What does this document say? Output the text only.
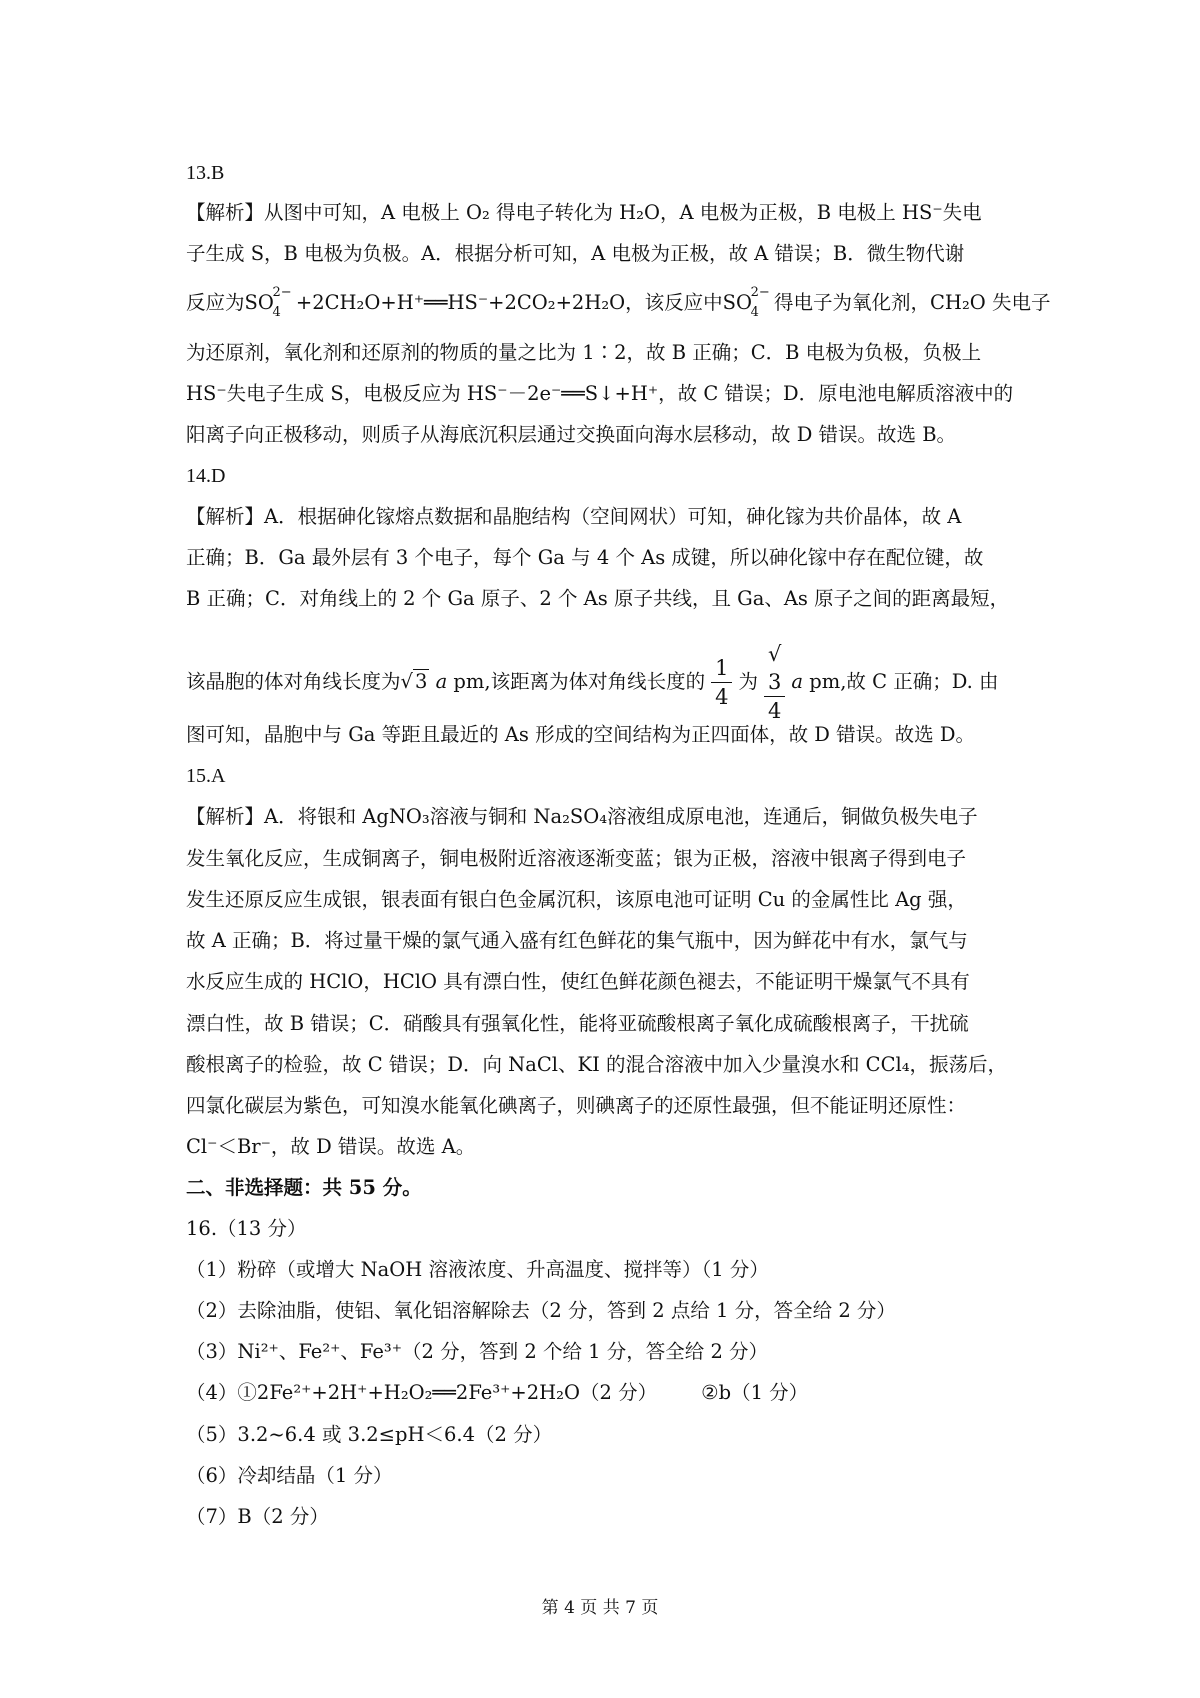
13.B
【解析】从图中可知，A 电极上 O₂ 得电子转化为 H₂O，A 电极为正极，B 电极上 HS⁻失电
子生成 S，B 电极为负极。A．根据分析可知，A 电极为正极，故 A 错误；B．微生物代谢
反应为SO
2−
4 +2CH₂O+H⁺══HS⁻+2CO₂+2H₂O，该反应中SO
2−
4 得电子为氧化剂，CH₂O 失电子
为还原剂，氧化剂和还原剂的物质的量之比为 1∶2，故 B 正确；C．B 电极为负极，负极上
HS⁻失电子生成 S，电极反应为 HS⁻－2e⁻══S↓+H⁺，故 C 错误；D．原电池电解质溶液中的
阳离子向正极移动，则质子从海底沉积层通过交换面向海水层移动，故 D 错误。故选 B。
14.D
【解析】A．根据砷化镓熔点数据和晶胞结构（空间网状）可知，砷化镓为共价晶体，故 A
正确；B．Ga 最外层有 3 个电子，每个 Ga 与 4 个 As 成键，所以砷化镓中存在配位键，故
B 正确；C．对角线上的 2 个 Ga 原子、2 个 As 原子共线，且 Ga、As 原子之间的距离最短，
该晶胞的体对角线长度为√ 3 a pm,该距离为体对角线长度的 $\frac{1}{4}$ 为 √
3
4 a pm,故 C 正确；D. 由
图可知，晶胞中与 Ga 等距且最近的 As 形成的空间结构为正四面体，故 D 错误。故选 D。
15.A
【解析】A．将银和 AgNO₃溶液与铜和 Na₂SO₄溶液组成原电池，连通后，铜做负极失电子
发生氧化反应，生成铜离子，铜电极附近溶液逐渐变蓝；银为正极，溶液中银离子得到电子
发生还原反应生成银，银表面有银白色金属沉积，该原电池可证明 Cu 的金属性比 Ag 强，
故 A 正确；B．将过量干燥的氯气通入盛有红色鲜花的集气瓶中，因为鲜花中有水，氯气与
水反应生成的 HClO，HClO 具有漂白性，使红色鲜花颜色褪去，不能证明干燥氯气不具有
漂白性，故 B 错误；C．硝酸具有强氧化性，能将亚硫酸根离子氧化成硫酸根离子，干扰硫
酸根离子的检验，故 C 错误；D．向 NaCl、KI 的混合溶液中加入少量溴水和 CCl₄，振荡后，
四氯化碳层为紫色，可知溴水能氧化碘离子，则碘离子的还原性最强，但不能证明还原性：
Cl⁻＜Br⁻，故 D 错误。故选 A。
二、非选择题：共 55 分。
16.（13 分）
（1）粉碎（或增大 NaOH 溶液浓度、升高温度、搅拌等）（1 分）
（2）去除油脂，使铝、氧化铝溶解除去（2 分，答到 2 点给 1 分，答全给 2 分）
（3）Ni²⁺、Fe²⁺、Fe³⁺（2 分，答到 2 个给 1 分，答全给 2 分）
（4）①2Fe²⁺+2H⁺+H₂O₂══2Fe³⁺+2H₂O（2 分） ②b（1 分）
（5）3.2~6.4 或 3.2≤pH＜6.4（2 分）
（6）冷却结晶（1 分）
（7）B（2 分）
第 4 页 共 7 页
